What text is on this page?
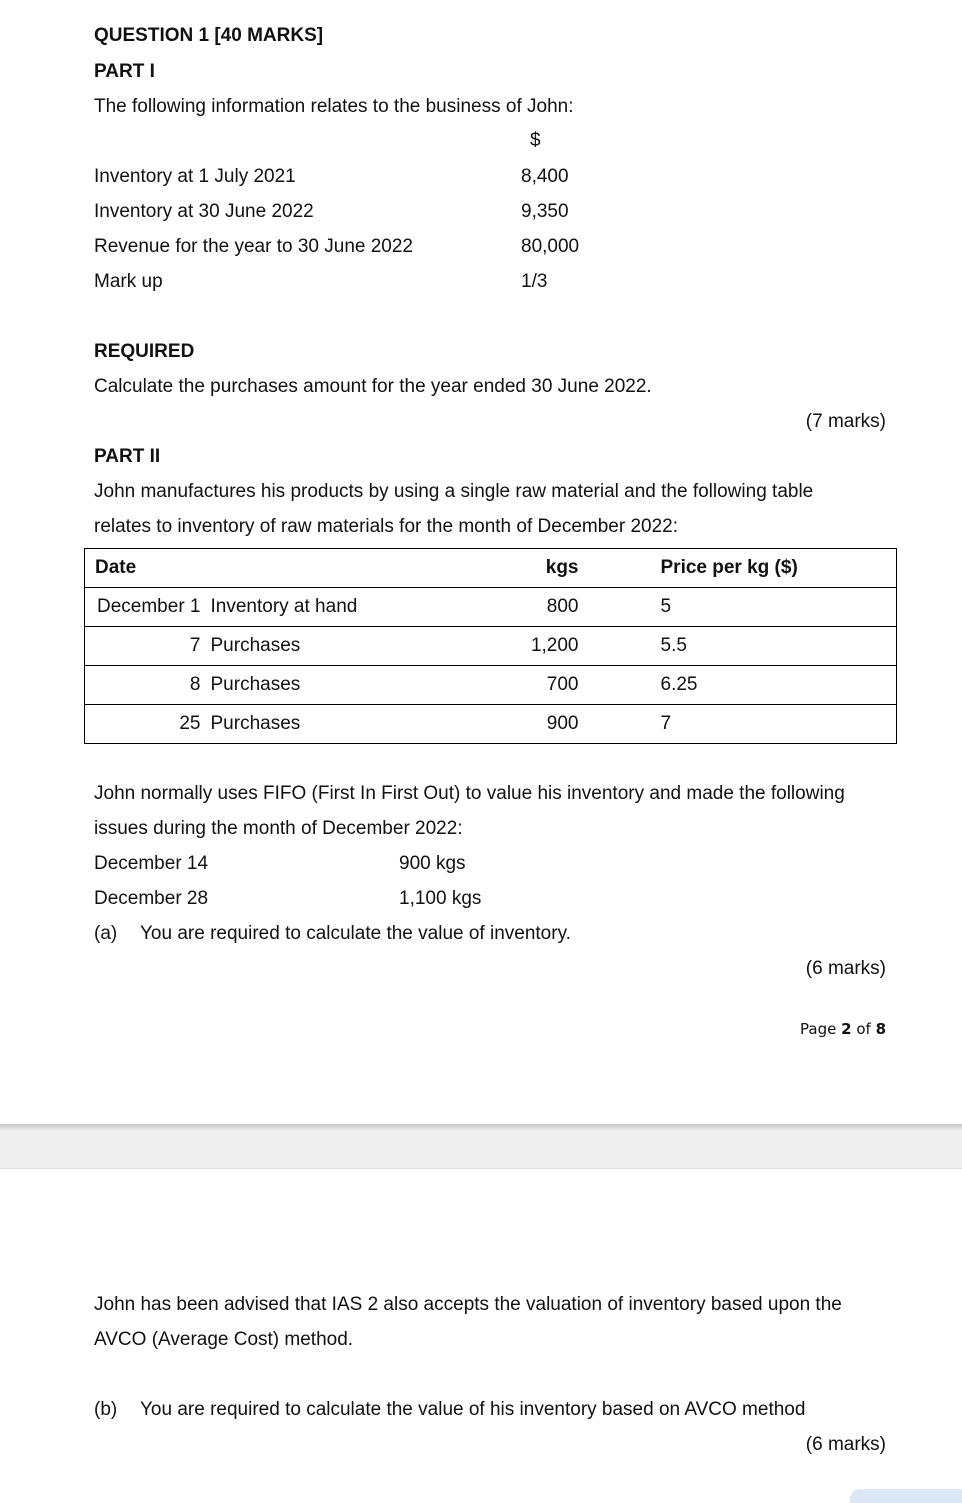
QUESTION 1 [40 MARKS]
PART I
The following information relates to the business of John:
$
Inventory at 1 July 2021	8,400
Inventory at 30 June 2022	9,350
Revenue for the year to 30 June 2022	80,000
Mark up	1/3
REQUIRED
Calculate the purchases amount for the year ended 30 June 2022.
(7 marks)
PART II
John manufactures his products by using a single raw material and the following table
relates to inventory of raw materials for the month of December 2022:
Date		kgs	Price per kg ($)
December 1	Inventory at hand	800	5
7	Purchases	1,200	5.5
8	Purchases	700	6.25
25	Purchases	900	7
John normally uses FIFO (First In First Out) to value his inventory and made the following
issues during the month of December 2022:
December 14	900 kgs
December 28	1,100 kgs
(a) You are required to calculate the value of inventory.
(6 marks)
Page 2 of 8
John has been advised that IAS 2 also accepts the valuation of inventory based upon the
AVCO (Average Cost) method.
(b) You are required to calculate the value of his inventory based on AVCO method
(6 marks)
